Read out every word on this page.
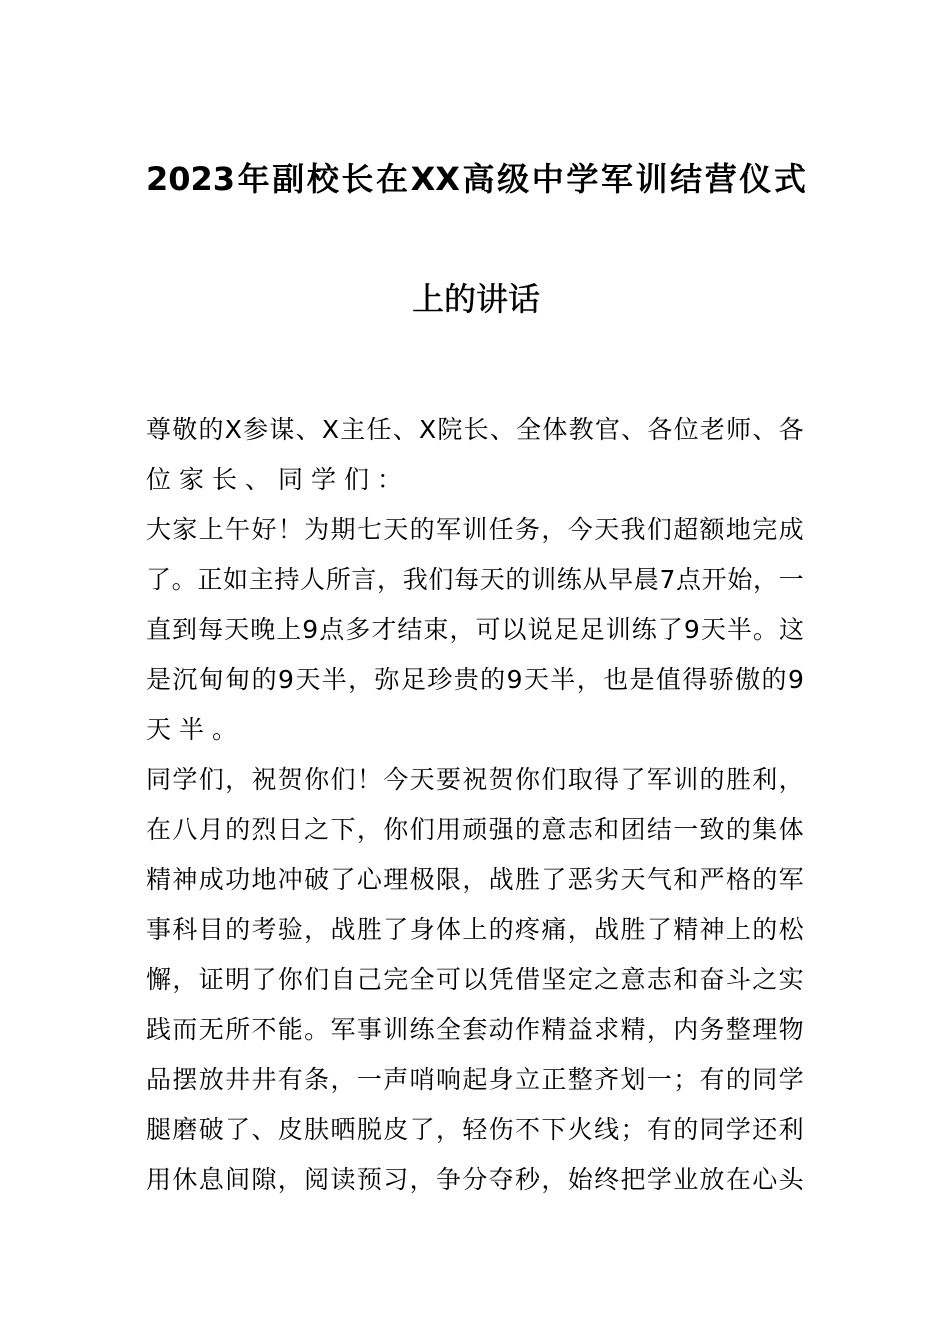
2023 年 副 校 长 在 XX 高 级 中 学 军 训 结 营 仪 式
上的讲话
尊 敬 的 X 参 谋 、 X 主 任 、 X 院 长 、 全 体 教 官 、 各 位 老 师 、 各
位家长、同学们：
大 家 上 午 好 ！ 为 期 七 天 的 军 训 任 务 ， 今 天 我 们 超 额 地 完 成
了 。 正 如 主 持 人 所 言 ， 我 们 每 天 的 训 练 从 早 晨 7 点 开 始 ， 一
直 到 每 天 晚 上 9 点 多 才 结 束 ， 可 以 说 足 足 训 练 了 9 天 半 。 这
是 沉 甸 甸 的 9 天 半 ， 弥 足 珍 贵 的 9 天 半 ， 也 是 值 得 骄 傲 的 9
天半。
同 学 们 ， 祝 贺 你 们 ！ 今 天 要 祝 贺 你 们 取 得 了 军 训 的 胜 利 ，
在 八 月 的 烈 日 之 下 ， 你 们 用 顽 强 的 意 志 和 团 结 一 致 的 集 体
精 神 成 功 地 冲 破 了 心 理 极 限 ， 战 胜 了 恶 劣 天 气 和 严 格 的 军
事 科 目 的 考 验 ， 战 胜 了 身 体 上 的 疼 痛 ， 战 胜 了 精 神 上 的 松
懈 ， 证 明 了 你 们 自 己 完 全 可 以 凭 借 坚 定 之 意 志 和 奋 斗 之 实
践 而 无 所 不 能 。 军 事 训 练 全 套 动 作 精 益 求 精 ， 内 务 整 理 物
品 摆 放 井 井 有 条 ， 一 声 哨 响 起 身 立 正 整 齐 划 一 ； 有 的 同 学
腿 磨 破 了 、 皮 肤 晒 脱 皮 了 ， 轻 伤 不 下 火 线 ； 有 的 同 学 还 利
用 休 息 间 隙 ， 阅 读 预 习 ， 争 分 夺 秒 ， 始 终 把 学 业 放 在 心 头
